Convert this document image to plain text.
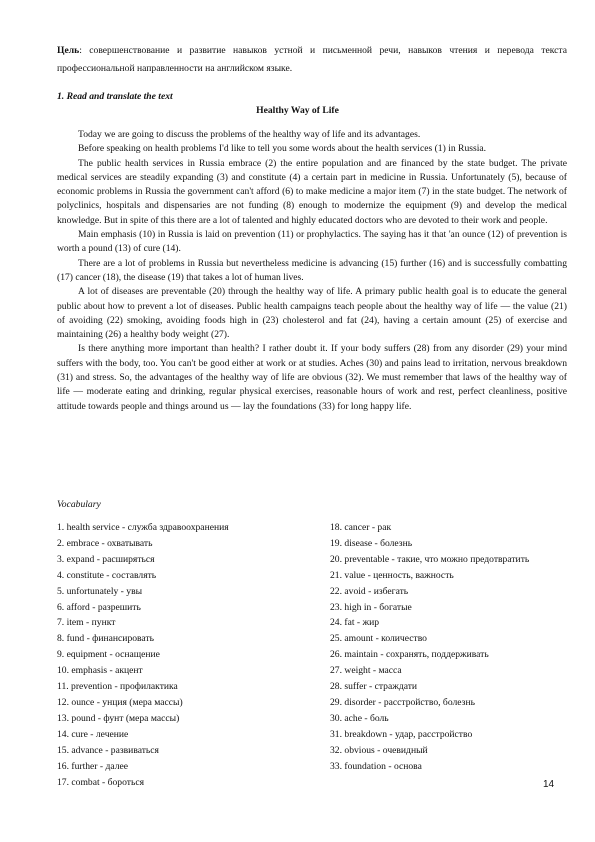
Цель: совершенствование и развитие навыков устной и письменной речи, навыков чтения и перевода текста профессиональной направленности на английском языке.
1. Read and translate the text
Healthy Way of Life

Today we are going to discuss the problems of the healthy way of life and its advantages.

Before speaking on health problems I'd like to tell you some words about the health services (1) in Russia.

The public health services in Russia embrace (2) the entire population and are financed by the state budget. The private medical services are steadily expanding (3) and constitute (4) a certain part in medicine in Russia. Unfortunately (5), because of economic problems in Russia the government can't afford (6) to make medicine a major item (7) in the state budget. The network of polyclinics, hospitals and dispensaries are not funding (8) enough to modernize the equipment (9) and develop the medical knowledge. But in spite of this there are a lot of talented and highly educated doctors who are devoted to their work and people.

Main emphasis (10) in Russia is laid on prevention (11) or prophylactics. The saying has it that 'an ounce (12) of prevention is worth a pound (13) of cure (14).

There are a lot of problems in Russia but nevertheless medicine is advancing (15) further (16) and is successfully combatting (17) cancer (18), the disease (19) that takes a lot of human lives.

A lot of diseases are preventable (20) through the healthy way of life. A primary public health goal is to educate the general public about how to prevent a lot of diseases. Public health campaigns teach people about the healthy way of life — the value (21) of avoiding (22) smoking, avoiding foods high in (23) cholesterol and fat (24), having a certain amount (25) of exercise and maintaining (26) a healthy body weight (27).

Is there anything more important than health? I rather doubt it. If your body suffers (28) from any disorder (29) your mind suffers with the body, too. You can't be good either at work or at studies. Aches (30) and pains lead to irritation, nervous breakdown (31) and stress. So, the advantages of the healthy way of life are obvious (32). We must remember that laws of the healthy way of life — moderate eating and drinking, regular physical exercises, reasonable hours of work and rest, perfect cleanliness, positive attitude towards people and things around us — lay the foundations (33) for long happy life.

Vocabulary
1. health service - служба здравоохранения
2. embrace - охватывать
3. expand - расширяться
4. constitute - составлять
5. unfortunately - увы
6. afford - разрешить
7. item - пункт
8. fund - финансировать
9. equipment - оснащение
10. emphasis - акцент
11. prevention - профилактика
12. ounce - унция (мера массы)
13. pound - фунт (мера массы)
14. cure - лечение
15. advance - развиваться
16. further - далее
17. combat - бороться
18. cancer - рак
19. disease - болезнь
20. preventable - такие, что можно предотвратить
21. value - ценность, важность
22. avoid - избегать
23. high in - богатые
24. fat - жир
25. amount - количество
26. maintain - сохранять, поддерживать
27. weight - масса
28. suffer - страждати
29. disorder - расстройство, болезнь
30. ache - боль
31. breakdown - удар, расстройство
32. obvious - очевидный
33. foundation - основа
14
